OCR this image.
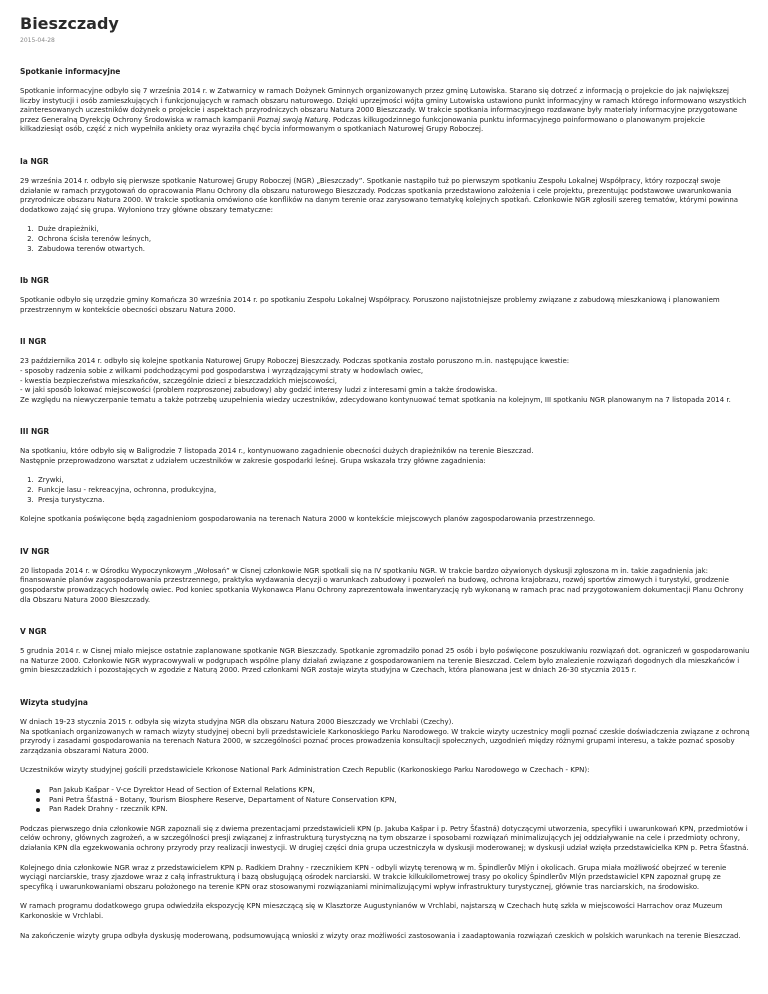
Bieszczady
2015-04-28
Spotkanie informacyjne

Spotkanie informacyjne odbyło się 7 września 2014 r. w Zatwarnicy w ramach Dożynek Gminnych organizowanych przez gminę Lutowiska. Starano się dotrzeć z informacją o projekcie do jak największej liczby instytucji i osób zamieszkujących i funkcjonujących w ramach obszaru naturowego. Dzięki uprzejmości wójta gminy Lutowiska ustawiono punkt informacyjny w ramach którego informowano wszystkich zainteresowanych uczestników dożynek o projekcie i aspektach przyrodniczych obszaru Natura 2000 Bieszczady. W trakcie spotkania informacyjnego rozdawane były materiały informacyjne przygotowane przez Generalną Dyrekcję Ochrony Środowiska w ramach kampanii Poznaj swoją Naturę. Podczas kilkugodzinnego funkcjonowania punktu informacyjnego poinformowano o planowanym projekcie kilkadziesiąt osób, część z nich wypełniła ankiety oraz wyraziła chęć bycia informowanym o spotkaniach Naturowej Grupy Roboczej.

Ia NGR

29 września 2014 r. odbyło się pierwsze spotkanie Naturowej Grupy Roboczej (NGR) „Bieszczady”. Spotkanie nastąpiło tuż po pierwszym spotkaniu Zespołu Lokalnej Współpracy, który rozpoczął swoje działanie w ramach przygotowań do opracowania Planu Ochrony dla obszaru naturowego Bieszczady. Podczas spotkania przedstawiono założenia i cele projektu, prezentując podstawowe uwarunkowania przyrodnicze obszaru Natura 2000. W trakcie spotkania omówiono ośe konflików na danym terenie oraz zarysowano tematykę kolejnych spotkań. Członkowie NGR zgłosili szereg tematów, którymi powinna dodatkowo zająć się grupa. Wyłoniono trzy główne obszary tematyczne:

1. Duże drapieżniki,
2. Ochrona ścisła terenów leśnych,
3. Zabudowa terenów otwartych.
Ib NGR

Spotkanie odbyło się urzędzie gminy Komańcza 30 września 2014 r. po spotkaniu Zespołu Lokalnej Współpracy. Poruszono najistotniejsze problemy związane z zabudową mieszkaniową i planowaniem przestrzennym w kontekście obecności obszaru Natura 2000.

II NGR

23 października 2014 r. odbyło się kolejne spotkania Naturowej Grupy Roboczej Bieszczady. Podczas spotkania zostało poruszono m.in. następujące kwestie:
- sposoby radzenia sobie z wilkami podchodzącymi pod gospodarstwa i wyrządzającymi straty w hodowlach owiec,
- kwestia bezpieczeństwa mieszkańców, szczególnie dzieci z bieszczadzkich miejscowości,
- w jaki sposób lokować miejscowości (problem rozproszonej zabudowy) aby godzić interesy ludzi z interesami gmin a także środowiska.
Ze względu na niewyczerpanie tematu a także potrzebę uzupełnienia wiedzy uczestników, zdecydowano kontynuować temat spotkania na kolejnym, III spotkaniu NGR planowanym na 7 listopada 2014 r.

III NGR

Na spotkaniu, które odbyło się w Baligrodzie 7 listopada 2014 r., kontynuowano zagadnienie obecności dużych drapieżników na terenie Bieszczad.
Następnie przeprowadzono warsztat z udziałem uczestników w zakresie gospodarki leśnej. Grupa wskazała trzy główne zagadnienia:

1. Zrywki,
2. Funkcje lasu - rekreacyjna, ochronna, produkcyjna,
3. Presja turystyczna.

Kolejne spotkania poświęcone będą zagadnieniom gospodarowania na terenach Natura 2000 w kontekście miejscowych planów zagospodarowania przestrzennego.

IV NGR

20 listopada 2014 r. w Ośrodku Wypoczynkowym „Wołosań” w Cisnej członkowie NGR spotkali się na IV spotkaniu NGR. W trakcie bardzo ożywionych dyskusji zgłoszona m in. takie zagadnienia jak: finansowanie planów zagospodarowania przestrzennego, praktyka wydawania decyzji o warunkach zabudowy i pozwoleń na budowę, ochrona krajobrazu, rozwój sportów zimowych i turystyki, grodzenie gospodarstw prowadzących hodowlę owiec. Pod koniec spotkania Wykonawca Planu Ochrony zaprezentowała inwentaryzację ryb wykonaną w ramach prac nad przygotowaniem dokumentacji Planu Ochrony dla Obszaru Natura 2000 Bieszczady.

V NGR

5 grudnia 2014 r. w Cisnej miało miejsce ostatnie zaplanowane spotkanie NGR Bieszczady. Spotkanie zgromadziło ponad 25 osób i było poświęcone poszukiwaniu rozwiązań dot. ograniczeń w gospodarowaniu na Naturze 2000. Członkowie NGR wypracowywali w podgrupach wspólne plany działań związane z gospodarowaniem na terenie Bieszczad. Celem było znalezienie rozwiązań dogodnych dla mieszkańców i gmin bieszczadzkich i pozostających w zgodzie z Naturą 2000. Przed członkami NGR zostaje wizyta studyjna w Czechach, która planowana jest w dniach 26-30 stycznia 2015 r.

Wizyta studyjna

W dniach 19-23 stycznia 2015 r. odbyła się wizyta studyjna NGR dla obszaru Natura 2000 Bieszczady we Vrchlabi (Czechy).
Na spotkaniach organizowanych w ramach wizyty studyjnej obecni byli przedstawiciele Karkonoskiego Parku Narodowego. W trakcie wizyty uczestnicy mogli poznać czeskie doświadczenia związane z ochroną przyrody i zasadami gospodarowania na terenach Natura 2000, w szczególności poznać proces prowadzenia konsultacji społecznych, uzgodnień między różnymi grupami interesu, a także poznać sposoby zarządzania obszarami Natura 2000.

Uczestników wizyty studyjnej gościli przedstawiciele Krkonose National Park Administration Czech Republic (Karkonoskiego Parku Narodowego w Czechach - KPN):

Pan Jakub Kašpar - V-ce Dyrektor Head of Section of External Relations KPN,
Pani Petra Šťastná - Botany, Tourism Biosphere Reserve, Departament of Nature Conservation KPN,
Pan Radek Drahny - rzecznik KPN.

Podczas pierwszego dnia członkowie NGR zapoznali się z dwiema prezentacjami przedstawicieli KPN (p. Jakuba Kašpar i p. Petry Šťastná) dotyczącymi utworzenia, specyfiki i uwarunkowań KPN, przedmiotów i celów ochrony, głównych zagrożeń, a w szczególności presji związanej z infrastrukturą turystyczną na tym obszarze i sposobami rozwiązań minimalizujących jej oddziaływanie na cele i przedmioty ochrony, działania KPN dla egzekwowania ochrony przyrody przy realizacji inwestycji. W drugiej części dnia grupa uczestniczyła w dyskusji moderowanej; w dyskusji udział wzięła przedstawicielka KPN p. Petra Šťastná.

Kolejnego dnia członkowie NGR wraz z przedstawicielem KPN p. Radkiem Drahny - rzecznikiem KPN - odbyli wizytę terenową w m. Špindlerův Mlýn i okolicach. Grupa miała możliwość obejrzeć w terenie wyciągi narciarskie, trasy zjazdowe wraz z całą infrastrukturą i bazą obsługującą ośrodek narciarski. W trakcie kilkukilometrowej trasy po okolicy Špindlerův Mlýn przedstawiciel KPN zapoznał grupę ze specyfiką i uwarunkowaniami obszaru położonego na terenie KPN oraz stosowanymi rozwiązaniami minimalizującymi wpływ infrastruktury turystycznej, głównie tras narciarskich, na środowisko.

W ramach programu dodatkowego grupa odwiedziła ekspozycję KPN mieszczącą się w Klasztorze Augustynianów w Vrchlabi, najstarszą w Czechach hutę szkła w miejscowości Harrachov oraz Muzeum Karkonoskie w Vrchlabi.

Na zakończenie wizyty grupa odbyła dyskusję moderowaną, podsumowującą wnioski z wizyty oraz możliwości zastosowania i zaadaptowania rozwiązań czeskich w polskich warunkach na terenie Bieszczad.
